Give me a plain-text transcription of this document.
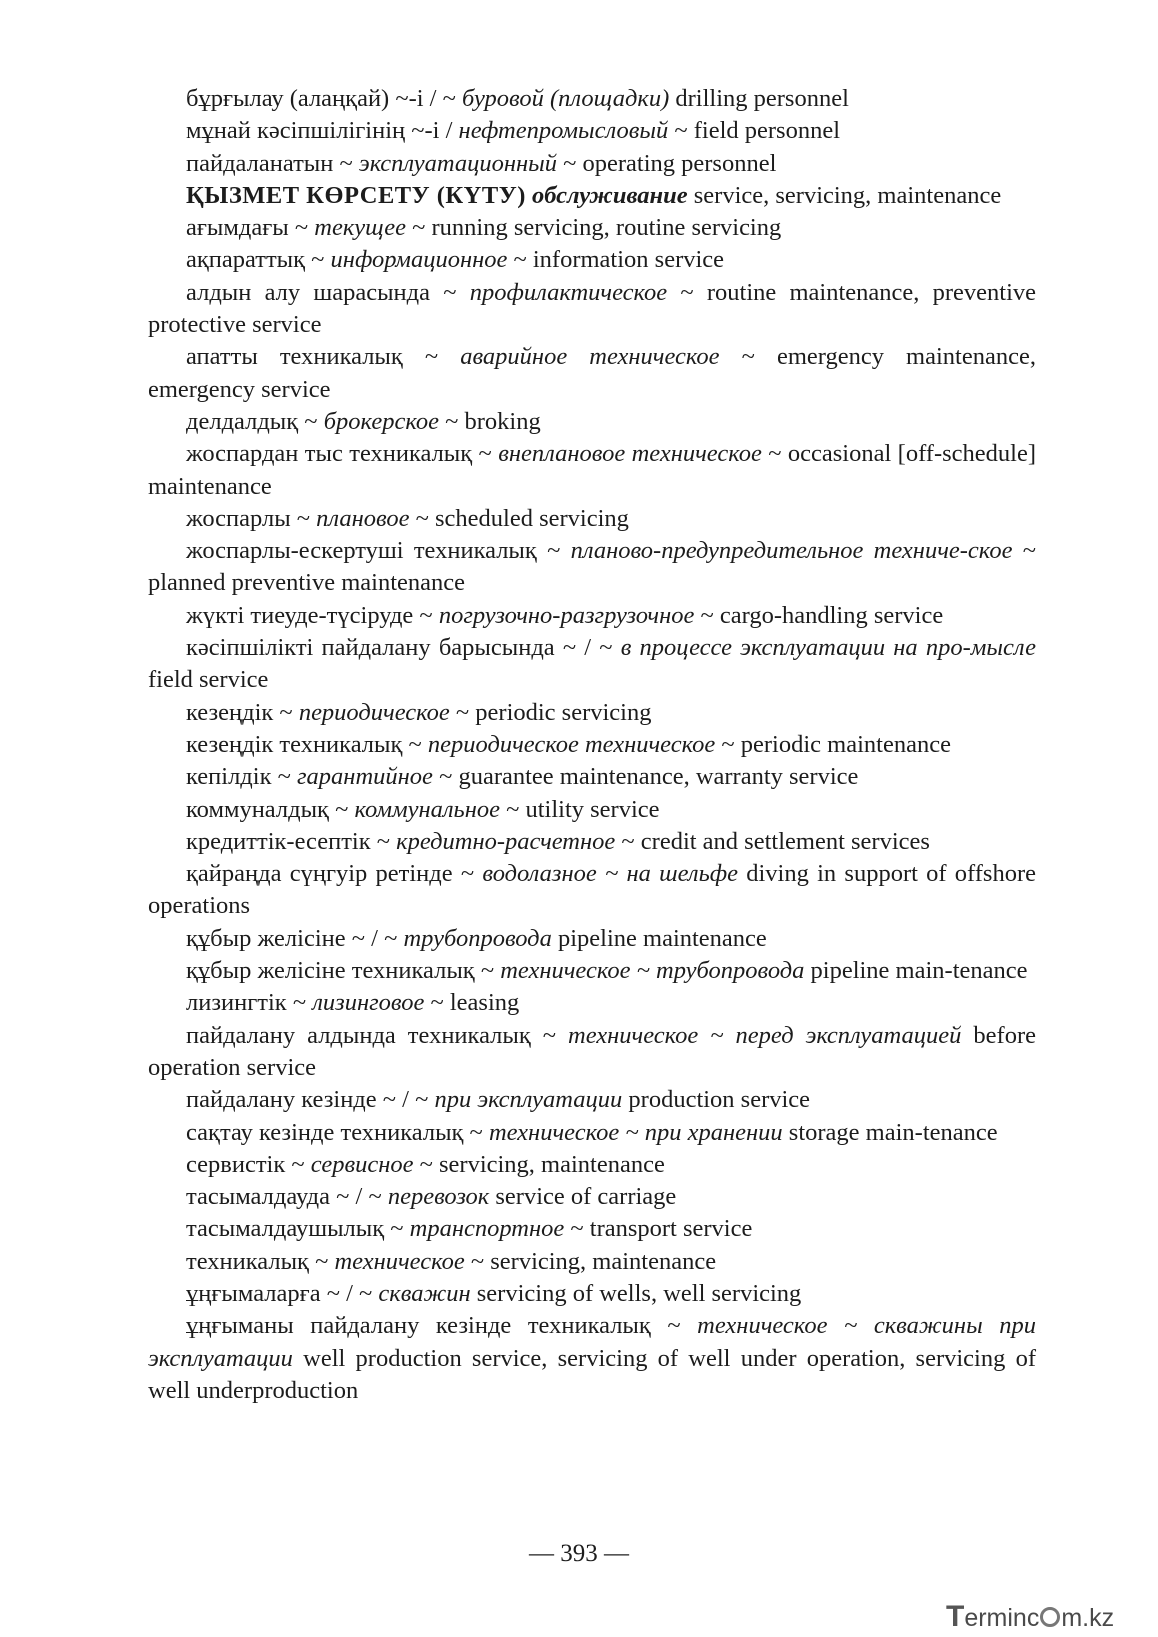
бұрғылау (алаңқай) ~-і / ~ буровой (площадки) drilling personnel

мұнай кәсіпшілігінің ~-і / нефтепромысловый ~ field personnel

пайдаланатын ~ эксплуатационный ~ operating personnel

ҚЫЗМЕТ КӨРСЕТУ (КҮТУ) обслуживание service, servicing, maintenance

ағымдағы ~ текущее ~ running servicing, routine servicing

ақпараттық ~ информационное ~ information service

алдын алу шарасында ~ профилактическое ~ routine maintenance, preventive protective service

апатты техникалық ~ аварийное техническое ~ emergency maintenance, emergency service

делдалдық ~ брокерское ~ broking

жоспардан тыс техникалық ~ внеплановое техническое ~ occasional [off-schedule] maintenance

жоспарлы ~ плановое ~ scheduled servicing

жоспарлы-ескертуші техникалық ~ планово-предупредительное техниче-ское ~ planned preventive maintenance

жүкті тиеуде-түсіруде ~ погрузочно-разгрузочное ~ cargo-handling service

кәсіпшілікті пайдалану барысында ~ / ~ в процессе эксплуатации на про-мысле field service

кезеңдік ~ периодическое ~ periodic servicing

кезеңдік техникалық ~ периодическое техническое ~ periodic maintenance

кепілдік ~ гарантийное ~ guarantee maintenance, warranty service

коммуналдық ~ коммунальное ~ utility service

кредиттік-есептік ~ кредитно-расчетное ~ credit and settlement services

қайраңда сүңгуір ретінде ~ водолазное ~ на шельфе diving in support of offshore operations

құбыр желісіне ~ / ~ трубопровода pipeline maintenance

құбыр желісіне техникалық ~ техническое ~ трубопровода pipeline main-tenance

лизингтік ~ лизинговое ~ leasing

пайдалану алдында техникалық ~ техническое ~ перед эксплуатацией before operation service

пайдалану кезінде ~ / ~ при эксплуатации production service

сақтау кезінде техникалық ~ техническое ~ при хранении storage main-tenance

сервистік ~ сервисное ~ servicing, maintenance

тасымалдауда ~ / ~ перевозок service of carriage

тасымалдаушылық ~ транспортное ~ transport service

техникалық ~ техническое ~ servicing, maintenance

ұңғымаларға ~ / ~ скважин servicing of wells, well servicing

ұңғыманы пайдалану кезінде техникалық ~ техническое ~ скважины при эксплуатации well production service, servicing of well under operation, servicing of well underproduction

— 393 —
Terminc m.kz
